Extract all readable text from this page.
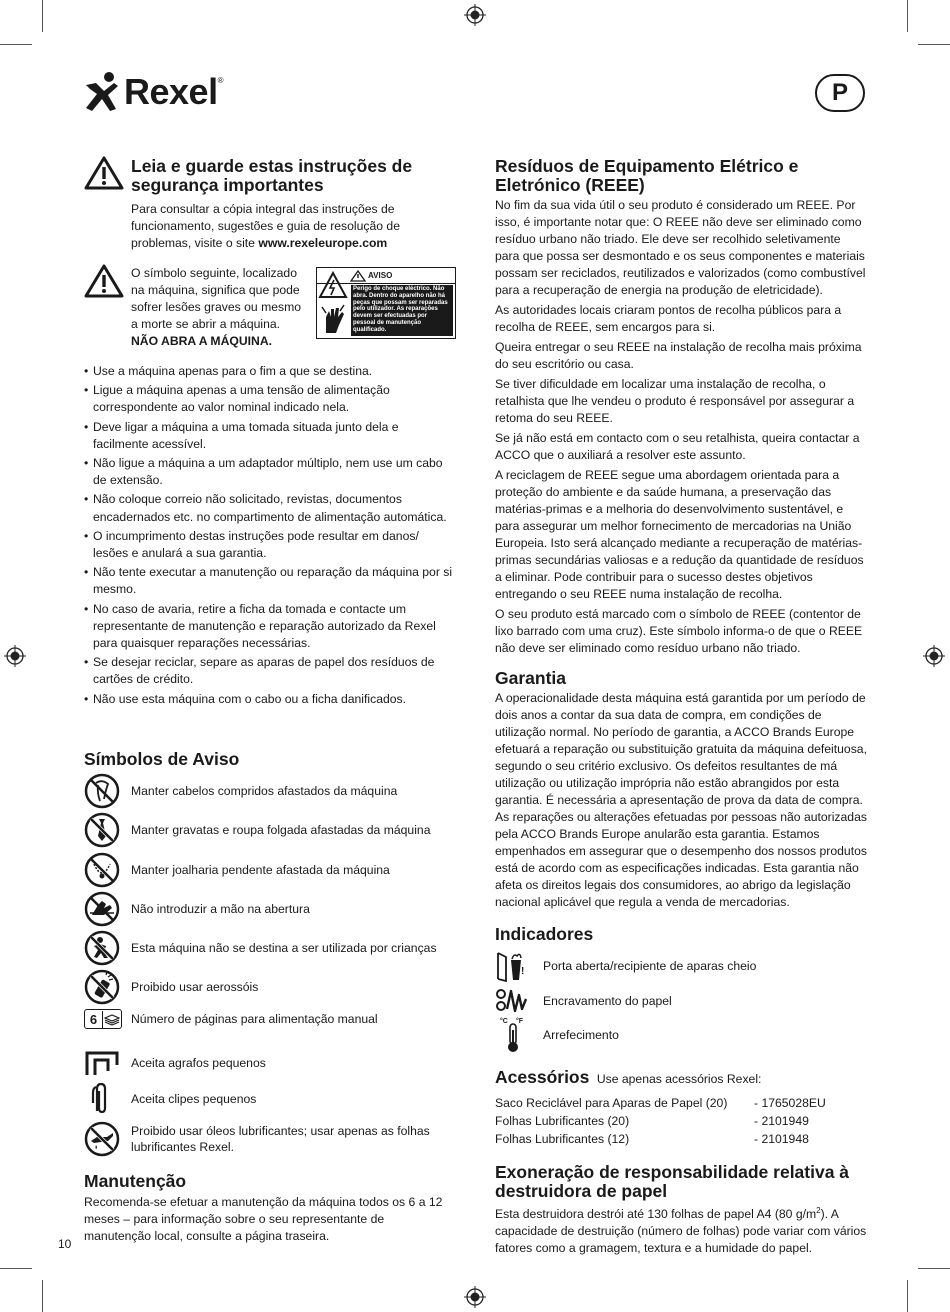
Rexel ®	P
Leia e guarde estas instruções de segurança importantes

Para consultar a cópia integral das instruções de funcionamento, sugestões e guia de resolução de problemas, visite o site www.rexeleurope.com

O símbolo seguinte, localizado na máquina, significa que pode sofrer lesões graves ou mesmo a morte se abrir a máquina.

NÃO ABRA A MÁQUINA.

AVISO
Perigo de choque eléctrico. Não abra. Dentro do aparelho não há peças que possam ser reparadas pelo utilizador. As reparações devem ser efectuadas por pessoal de manutenção qualificado.
• Use a máquina apenas para o fim a que se destina.
• Ligue a máquina apenas a uma tensão de alimentação correspondente ao valor nominal indicado nela.
• Deve ligar a máquina a uma tomada situada junto dela e facilmente acessível.
• Não ligue a máquina a um adaptador múltiplo, nem use um cabo de extensão.
• Não coloque correio não solicitado, revistas, documentos encadernados etc. no compartimento de alimentação automática.
• O incumprimento destas instruções pode resultar em danos/ lesões e anulará a sua garantia.
• Não tente executar a manutenção ou reparação da máquina por si mesmo.
• No caso de avaria, retire a ficha da tomada e contacte um representante de manutenção e reparação autorizado da Rexel para quaisquer reparações necessárias.
• Se desejar reciclar, separe as aparas de papel dos resíduos de cartões de crédito.
• Não use esta máquina com o cabo ou a ficha danificados.
Símbolos de Aviso
Manter cabelos compridos afastados da máquina
Manter gravatas e roupa folgada afastadas da máquina
Manter joalharia pendente afastada da máquina
Não introduzir a mão na abertura
Esta máquina não se destina a ser utilizada por crianças
Proibido usar aerossóis
6	Número de páginas para alimentação manual
Aceita agrafos pequenos
Aceita clipes pequenos
Proibido usar óleos lubrificantes; usar apenas as folhas lubrificantes Rexel.
Manutenção

Recomenda-se efetuar a manutenção da máquina todos os 6 a 12 meses – para informação sobre o seu representante de manutenção local, consulte a página traseira.

10
Resíduos de Equipamento Elétrico e Eletrónico (REEE)

No fim da sua vida útil o seu produto é considerado um REEE. Por isso, é importante notar que: O REEE não deve ser eliminado como resíduo urbano não triado. Ele deve ser recolhido seletivamente para que possa ser desmontado e os seus componentes e materiais possam ser reciclados, reutilizados e valorizados (como combustível para a recuperação de energia na produção de eletricidade).

As autoridades locais criaram pontos de recolha públicos para a recolha de REEE, sem encargos para si.

Queira entregar o seu REEE na instalação de recolha mais próxima do seu escritório ou casa.

Se tiver dificuldade em localizar uma instalação de recolha, o retalhista que lhe vendeu o produto é responsável por assegurar a retoma do seu REEE.

Se já não está em contacto com o seu retalhista, queira contactar a ACCO que o auxiliará a resolver este assunto.

A reciclagem de REEE segue uma abordagem orientada para a proteção do ambiente e da saúde humana, a preservação das matérias-primas e a melhoria do desenvolvimento sustentável, e para assegurar um melhor fornecimento de mercadorias na União Europeia. Isto será alcançado mediante a recuperação de matérias-primas secundárias valiosas e a redução da quantidade de resíduos a eliminar. Pode contribuir para o sucesso destes objetivos entregando o seu REEE numa instalação de recolha.

O seu produto está marcado com o símbolo de REEE (contentor de lixo barrado com uma cruz). Este símbolo informa-o de que o REEE não deve ser eliminado como resíduo urbano não triado.

Garantia

A operacionalidade desta máquina está garantida por um período de dois anos a contar da sua data de compra, em condições de utilização normal. No período de garantia, a ACCO Brands Europe efetuará a reparação ou substituição gratuita da máquina defeituosa, segundo o seu critério exclusivo. Os defeitos resultantes de má utilização ou utilização imprópria não estão abrangidos por esta garantia. É necessária a apresentação de prova da data de compra. As reparações ou alterações efetuadas por pessoas não autorizadas pela ACCO Brands Europe anularão esta garantia. Estamos empenhados em assegurar que o desempenho dos nossos produtos está de acordo com as especificações indicadas. Esta garantia não afeta os direitos legais dos consumidores, ao abrigo da legislação nacional aplicável que regula a venda de mercadorias.

Indicadores
! Porta aberta/recipiente de aparas cheio
Encravamento do papel
°C °F
Arrefecimento
Acessórios Use apenas acessórios Rexel:
Saco Reciclável para Aparas de Papel (20) - 1765028EU
Folhas Lubrificantes (20)	- 2101949
Folhas Lubrificantes (12)	- 2101948
Exoneração de responsabilidade relativa à destruidora de papel

Esta destruidora destrói até 130 folhas de papel A4 (80 $g/m^2$). A capacidade de destruição (número de folhas) pode variar com vários fatores como a gramagem, textura e a humidade do papel.
